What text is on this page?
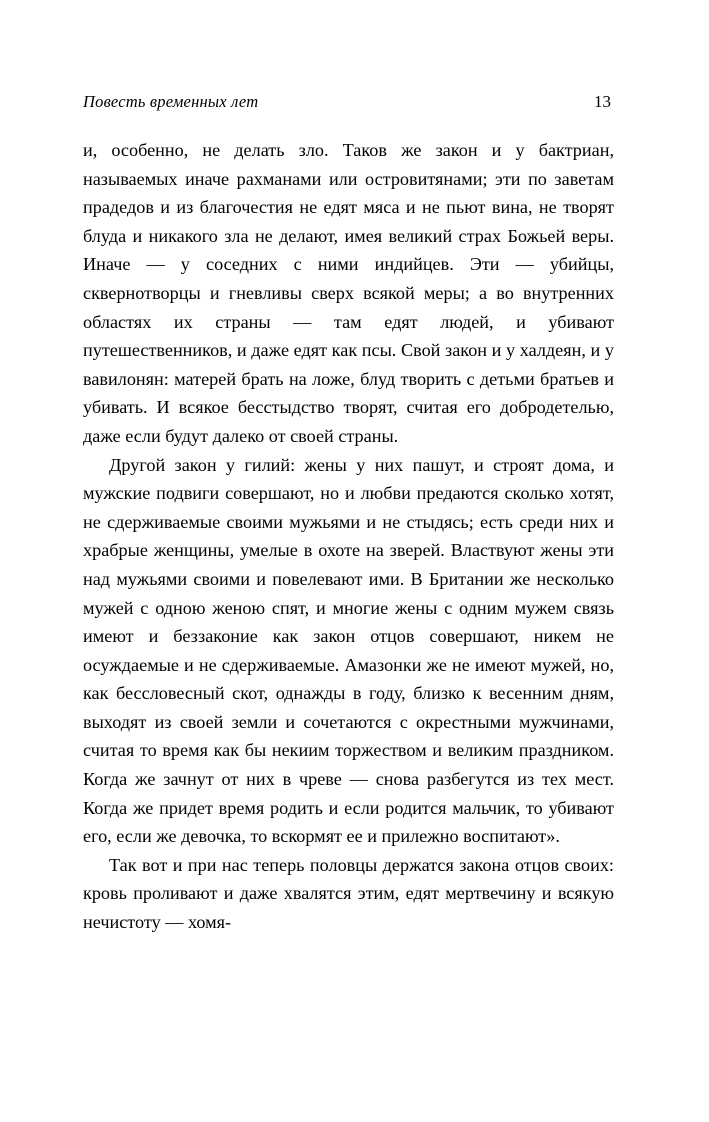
Повесть временных лет	13

и, особенно, не делать зло. Таков же закон и у бактриан, называемых иначе рахманами или островитянами; эти по заветам прадедов и из благочестия не едят мяса и не пьют вина, не творят блуда и никакого зла не делают, имея великий страх Божьей веры. Иначе — у соседних с ними индийцев. Эти — убийцы, сквернотворцы и гневливы сверх всякой меры; а во внутренних областях их страны — там едят людей, и убивают путешественников, и даже едят как псы. Свой закон и у халдеян, и у вавилонян: матерей брать на ложе, блуд творить с детьми братьев и убивать. И всякое бесстыдство творят, считая его добродетелью, даже если будут далеко от своей страны.

Другой закон у гилий: жены у них пашут, и строят дома, и мужские подвиги совершают, но и любви предаются сколько хотят, не сдерживаемые своими мужьями и не стыдясь; есть среди них и храбрые женщины, умелые в охоте на зверей. Властвуют жены эти над мужьями своими и повелевают ими. В Британии же несколько мужей с одною женою спят, и многие жены с одним мужем связь имеют и беззаконие как закон отцов совершают, никем не осуждаемые и не сдерживаемые. Амазонки же не имеют мужей, но, как бессловесный скот, однажды в году, близко к весенним дням, выходят из своей земли и сочетаются с окрестными мужчинами, считая то время как бы некиим торжеством и великим праздником. Когда же зачнут от них в чреве — снова разбегутся из тех мест. Когда же придет время родить и если родится мальчик, то убивают его, если же девочка, то вскормят ее и прилежно воспитают».

Так вот и при нас теперь половцы держатся закона отцов своих: кровь проливают и даже хвалятся этим, едят мертвечину и всякую нечистоту — хомя-
